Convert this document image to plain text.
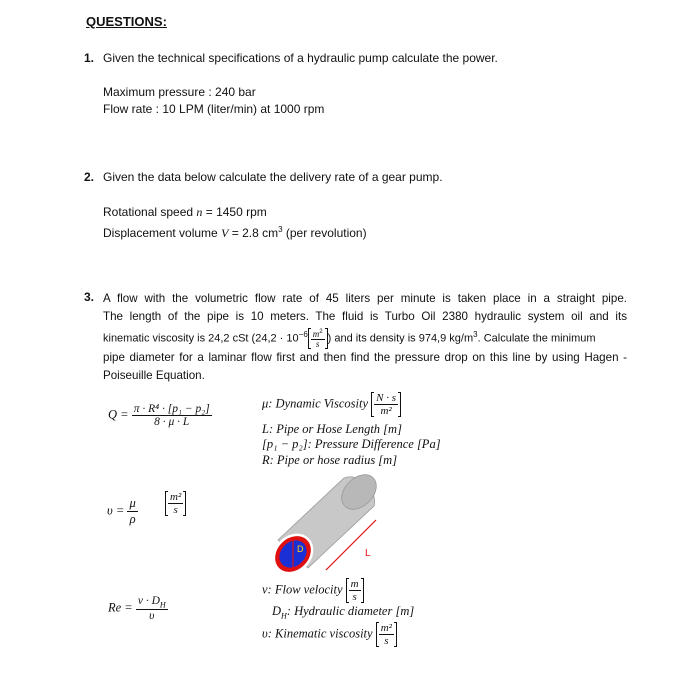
QUESTIONS:
1. Given the technical specifications of a hydraulic pump calculate the power.
Maximum pressure : 240 bar
Flow rate : 10 LPM (liter/min) at 1000 rpm
2. Given the data below calculate the delivery rate of a gear pump.
Rotational speed n = 1450 rpm
Displacement volume V = 2.8 $cm^3$ (per revolution)
3. A flow with the volumetric flow rate of 45 liters per minute is taken place in a straight pipe.
The length of the pipe is 10 meters. The fluid is Turbo Oil 2380 hydraulic system oil and its
kinematic viscosity is 24,2 cSt ($24,2 \cdot 10^{-6} \frac{m^2}{s}$ ) and its density is 974,9 $kg/m^3$. Calculate the minimum
pipe diameter for a laminar flow first and then find the pressure drop on this line by using Hagen -
Poiseuille Equation.
$Q = \frac{\text{π · R⁴ · [p₁ − p₂]}}{8 \cdot \mu \cdot L}$	μ: Dynamic Viscosity $\frac{N \cdot s}{\text{m²}}$
L: Pipe or Hose Length [m]
[p₁ − p₂]: Pressure Difference [Pa]
R: Pipe or hose radius [m]
$\upsilon = \frac{\mu}{\rho}$	$\frac{\text{m²}}{s}$
D	L
$Re = \frac{v \cdot D_H}{\upsilon}$
v: Flow velocity $\frac{m}{s}$
$D_H$: Hydraulic diameter [m]
υ: Kinematic viscosity $\frac{\text{m²}}{s}$
